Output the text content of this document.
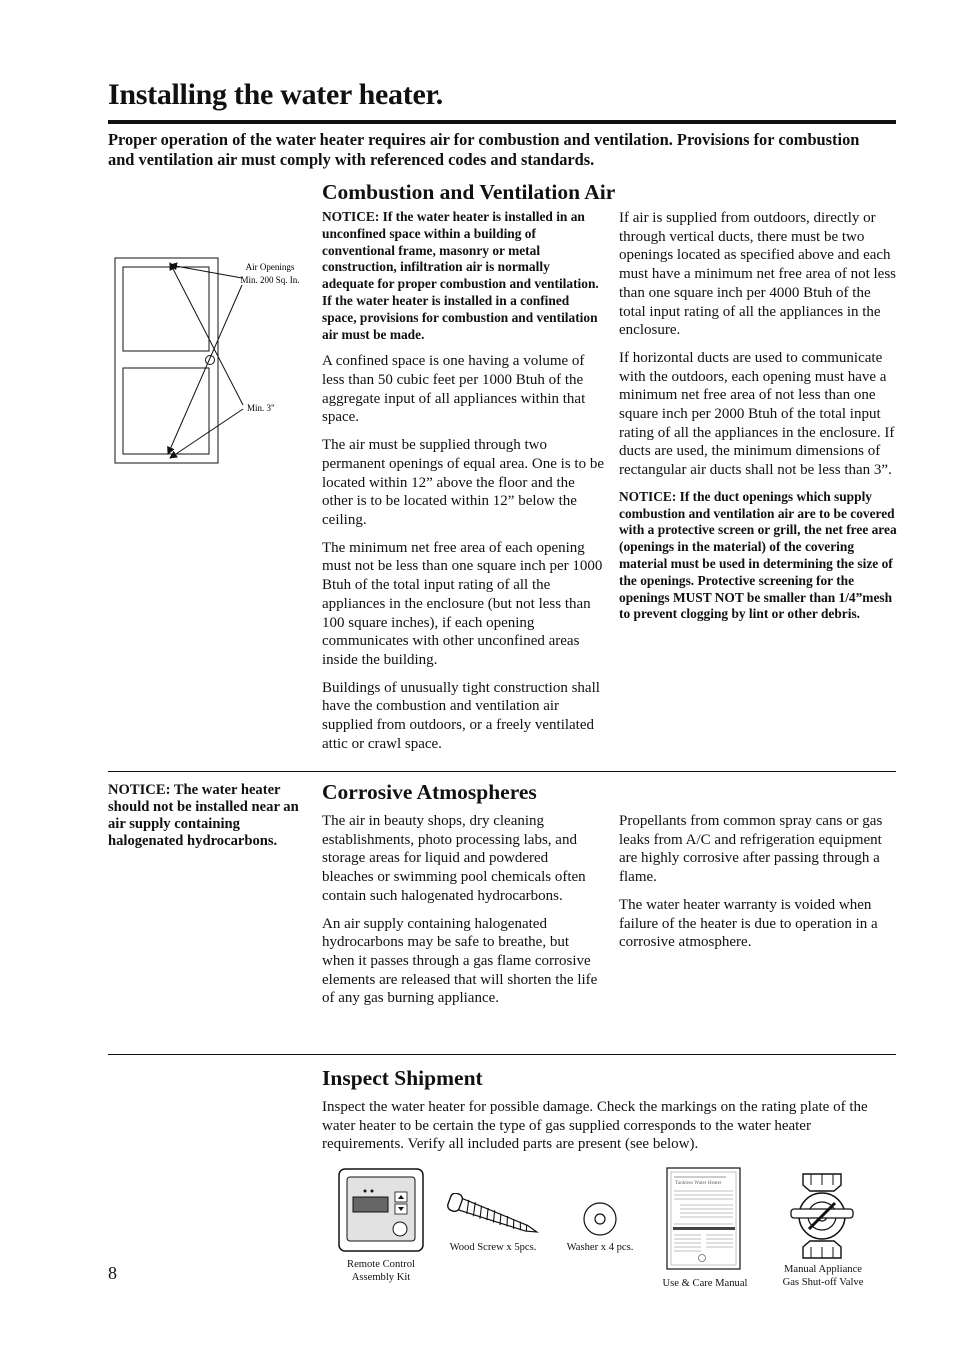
Installing the water heater.

Proper operation of the water heater requires air for combustion and ventilation. Provisions for combustion and ventilation air must comply with referenced codes and standards.

Air Openings
Min. 200 Sq. In.
Min. 3"
Combustion and Ventilation Air

NOTICE: If the water heater is installed in an unconfined space within a building of conventional frame, masonry or metal construction, infiltration air is normally adequate for proper combustion and ventilation. If the water heater is installed in a confined space, provisions for combustion and ventilation air must be made.

A confined space is one having a volume of less than 50 cubic feet per 1000 Btuh of the aggregate input of all appliances within that space.

The air must be supplied through two permanent openings of equal area. One is to be located within 12” above the floor and the other is to be located within 12” below the ceiling.

The minimum net free area of each opening must not be less than one square inch per 1000 Btuh of the total input rating of all the appliances in the enclosure (but not less than 100 square inches), if each opening communicates with other unconfined areas inside the building.

Buildings of unusually tight construction shall have the combustion and ventilation air supplied from outdoors, or a freely ventilated attic or crawl space.

If air is supplied from outdoors, directly or through vertical ducts, there must be two openings located as specified above and each must have a minimum net free area of not less than one square inch per 4000 Btuh of the total input rating of all the appliances in the enclosure.

If horizontal ducts are used to communicate with the outdoors, each opening must have a minimum net free area of not less than one square inch per 2000 Btuh of the total input rating of all the appliances in the enclosure. If ducts are used, the minimum dimensions of rectangular air ducts shall not be less than 3”.

NOTICE: If the duct openings which supply combustion and ventilation air are to be covered with a protective screen or grill, the net free area (openings in the material) of the covering material must be used in determining the size of the openings. Protective screening for the openings MUST NOT be smaller than 1/4”mesh to prevent clogging by lint or other debris.

NOTICE: The water heater should not be installed near an air supply containing halogenated hydrocarbons.

Corrosive Atmospheres

The air in beauty shops, dry cleaning establishments, photo processing labs, and storage areas for liquid and powdered bleaches or swimming pool chemicals often contain such halogenated hydrocarbons.

An air supply containing halogenated hydrocarbons may be safe to breathe, but when it passes through a gas flame corrosive elements are released that will shorten the life of any gas burning appliance.

Propellants from common spray cans or gas leaks from A/C and refrigeration equipment are highly corrosive after passing through a flame.

The water heater warranty is voided when failure of the heater is due to operation in a corrosive atmosphere.

Inspect Shipment

Inspect the water heater for possible damage. Check the markings on the rating plate of the water heater to be certain the type of gas supplied corresponds to the water heater requirements. Verify all included parts are present (see below).

Remote Control
Assembly Kit
Wood Screw x 5pcs.	Washer x 4 pcs.
Tankless Water Heater
Use & Care Manual
Manual Appliance
Gas Shut-off Valve
8
